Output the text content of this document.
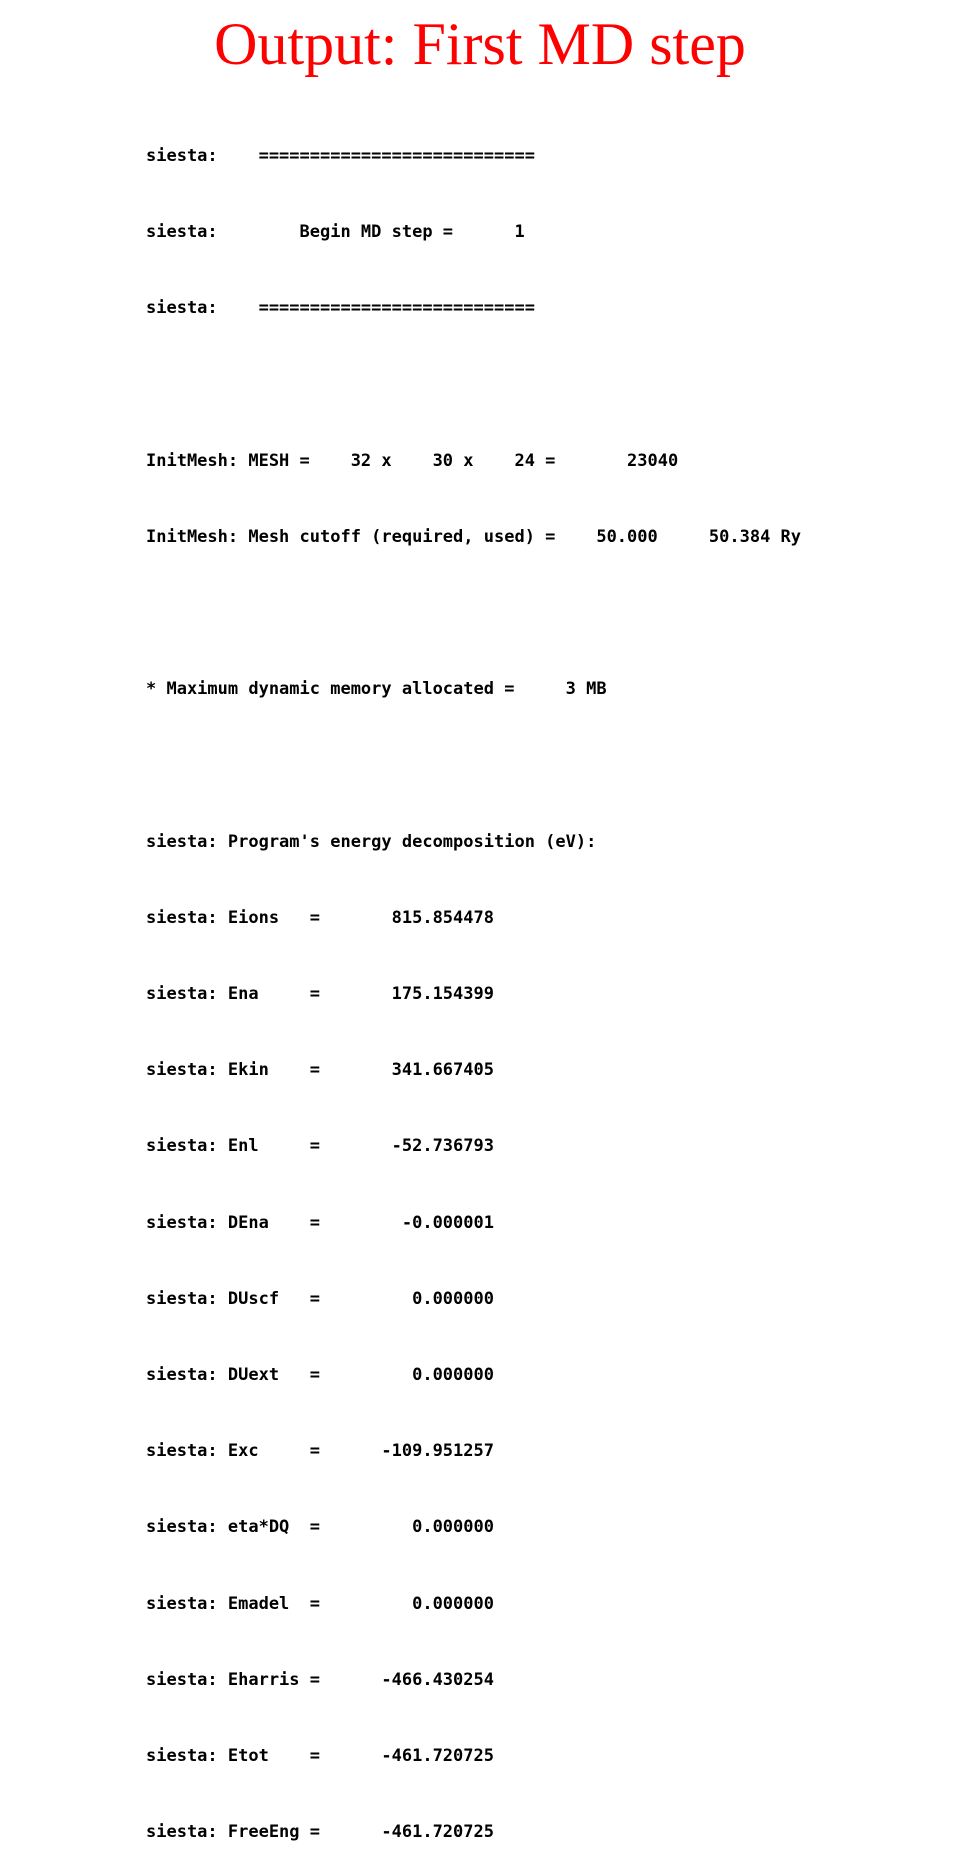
Output: First MD step

siesta:    ===========================

siesta:        Begin MD step =      1

siesta:    ===========================

InitMesh: MESH =    32 x    30 x    24 =       23040

InitMesh: Mesh cutoff (required, used) =    50.000     50.384 Ry

* Maximum dynamic memory allocated =     3 MB

siesta: Program's energy decomposition (eV):

siesta: Eions   =       815.854478

siesta: Ena     =       175.154399

siesta: Ekin    =       341.667405

siesta: Enl     =       -52.736793

siesta: DEna    =        -0.000001

siesta: DUscf   =         0.000000

siesta: DUext   =         0.000000

siesta: Exc     =      -109.951257

siesta: eta*DQ  =         0.000000

siesta: Emadel  =         0.000000

siesta: Eharris =      -466.430254

siesta: Etot    =      -461.720725

siesta: FreeEng =      -461.720725
